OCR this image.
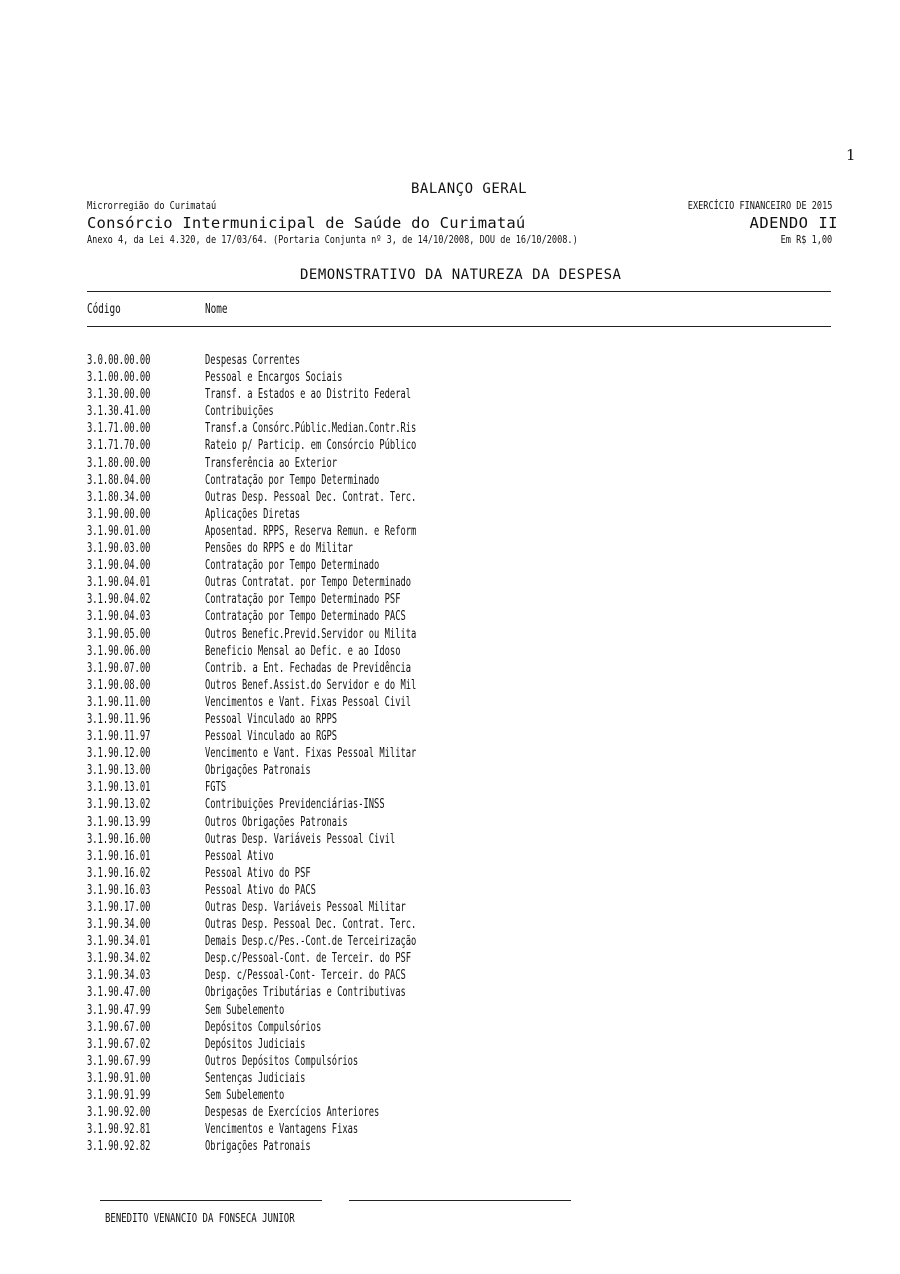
1
BALANÇO GERAL
Microrregião do Curimataú	EXERCÍCIO FINANCEIRO DE 2015
Consórcio Intermunicipal de Saúde do Curimataú	ADENDO II
Anexo 4, da Lei 4.320, de 17/03/64. (Portaria Conjunta nº 3, de 14/10/2008, DOU de 16/10/2008.)	Em R$ 1,00
DEMONSTRATIVO DA NATUREZA DA DESPESA
Código	Nome
3.0.00.00.00	Despesas Correntes
3.1.00.00.00	Pessoal e Encargos Sociais
3.1.30.00.00	Transf. a Estados e ao Distrito Federal
3.1.30.41.00	Contribuições
3.1.71.00.00	Transf.a Consórc.Públic.Median.Contr.Ris
3.1.71.70.00	Rateio p/ Particip. em Consórcio Público
3.1.80.00.00	Transferência ao Exterior
3.1.80.04.00	Contratação por Tempo Determinado
3.1.80.34.00	Outras Desp. Pessoal Dec. Contrat. Terc.
3.1.90.00.00	Aplicações Diretas
3.1.90.01.00	Aposentad. RPPS, Reserva Remun. e Reform
3.1.90.03.00	Pensões do RPPS e do Militar
3.1.90.04.00	Contratação por Tempo Determinado
3.1.90.04.01	Outras Contratat. por Tempo Determinado
3.1.90.04.02	Contratação por Tempo Determinado PSF
3.1.90.04.03	Contratação por Tempo Determinado PACS
3.1.90.05.00	Outros Benefic.Previd.Servidor ou Milita
3.1.90.06.00	Beneficio Mensal ao Defic. e ao Idoso
3.1.90.07.00	Contrib. a Ent. Fechadas de Previdência
3.1.90.08.00	Outros Benef.Assist.do Servidor e do Mil
3.1.90.11.00	Vencimentos e Vant. Fixas Pessoal Civil
3.1.90.11.96	Pessoal Vinculado ao RPPS
3.1.90.11.97	Pessoal Vinculado ao RGPS
3.1.90.12.00	Vencimento e Vant. Fixas Pessoal Militar
3.1.90.13.00	Obrigações Patronais
3.1.90.13.01	FGTS
3.1.90.13.02	Contribuições Previdenciárias-INSS
3.1.90.13.99	Outros Obrigações Patronais
3.1.90.16.00	Outras Desp. Variáveis Pessoal Civil
3.1.90.16.01	Pessoal Ativo
3.1.90.16.02	Pessoal Ativo do PSF
3.1.90.16.03	Pessoal Ativo do PACS
3.1.90.17.00	Outras Desp. Variáveis Pessoal Militar
3.1.90.34.00	Outras Desp. Pessoal Dec. Contrat. Terc.
3.1.90.34.01	Demais Desp.c/Pes.-Cont.de Terceirização
3.1.90.34.02	Desp.c/Pessoal-Cont. de Terceir. do PSF
3.1.90.34.03	Desp. c/Pessoal-Cont- Terceir. do PACS
3.1.90.47.00	Obrigações Tributárias e Contributivas
3.1.90.47.99	Sem Subelemento
3.1.90.67.00	Depósitos Compulsórios
3.1.90.67.02	Depósitos Judiciais
3.1.90.67.99	Outros Depósitos Compulsórios
3.1.90.91.00	Sentenças Judiciais
3.1.90.91.99	Sem Subelemento
3.1.90.92.00	Despesas de Exercícios Anteriores
3.1.90.92.81	Vencimentos e Vantagens Fixas
3.1.90.92.82	Obrigações Patronais
BENEDITO VENANCIO DA FONSECA JUNIOR
